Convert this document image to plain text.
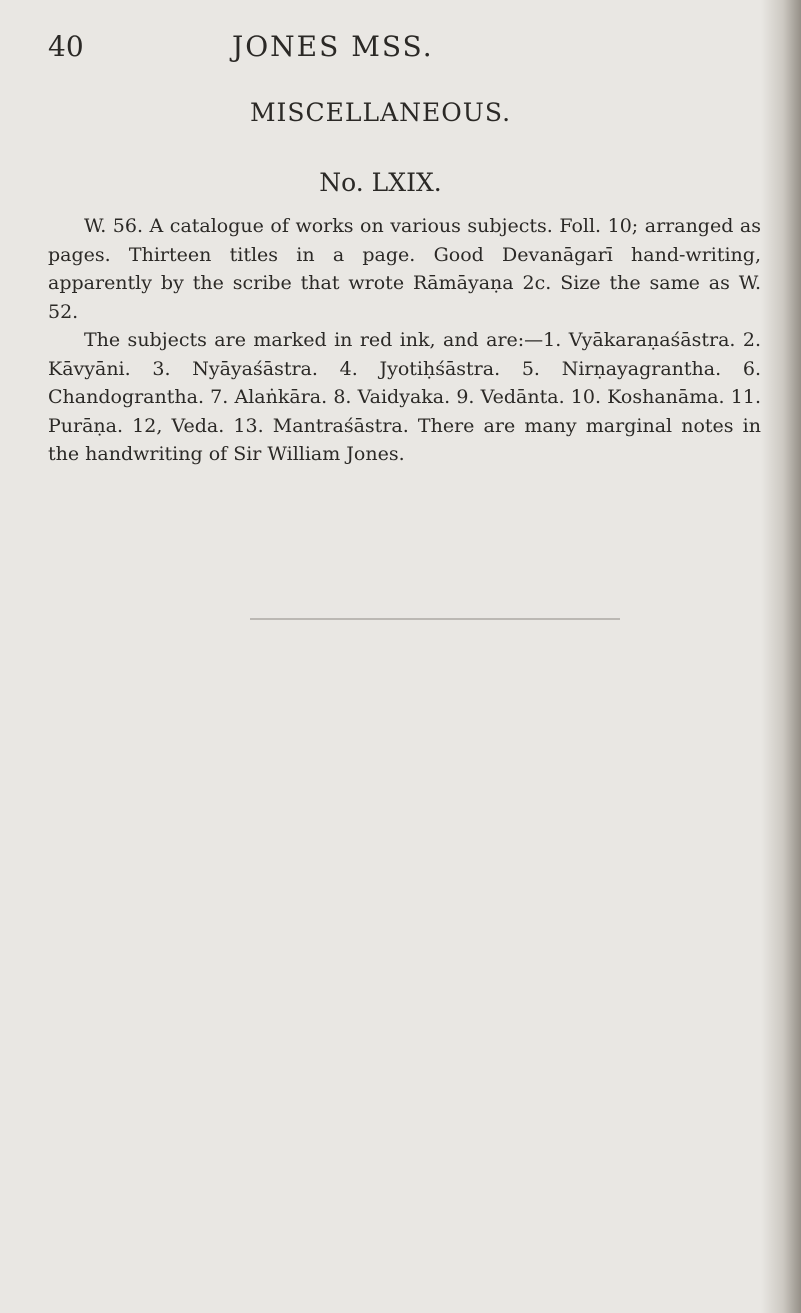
40	JONES MSS.
MISCELLANEOUS.
No. LXIX.

W. 56. A catalogue of works on various subjects. Foll. 10; arranged as pages. Thirteen titles in a page. Good Devanāgarī hand-writing, apparently by the scribe that wrote Rāmāyaṇa 2c. Size the same as W. 52.

The subjects are marked in red ink, and are:—1. Vyākaraṇaśāstra. 2. Kāvyāni. 3. Nyāyaśāstra. 4. Jyotiḥśāstra. 5. Nirṇayagrantha. 6. Chandograntha. 7. Alaṅkāra. 8. Vaidyaka. 9. Vedānta. 10. Koshanāma. 11. Purāṇa. 12, Veda. 13. Mantraśāstra. There are many marginal notes in the handwriting of Sir William Jones.
